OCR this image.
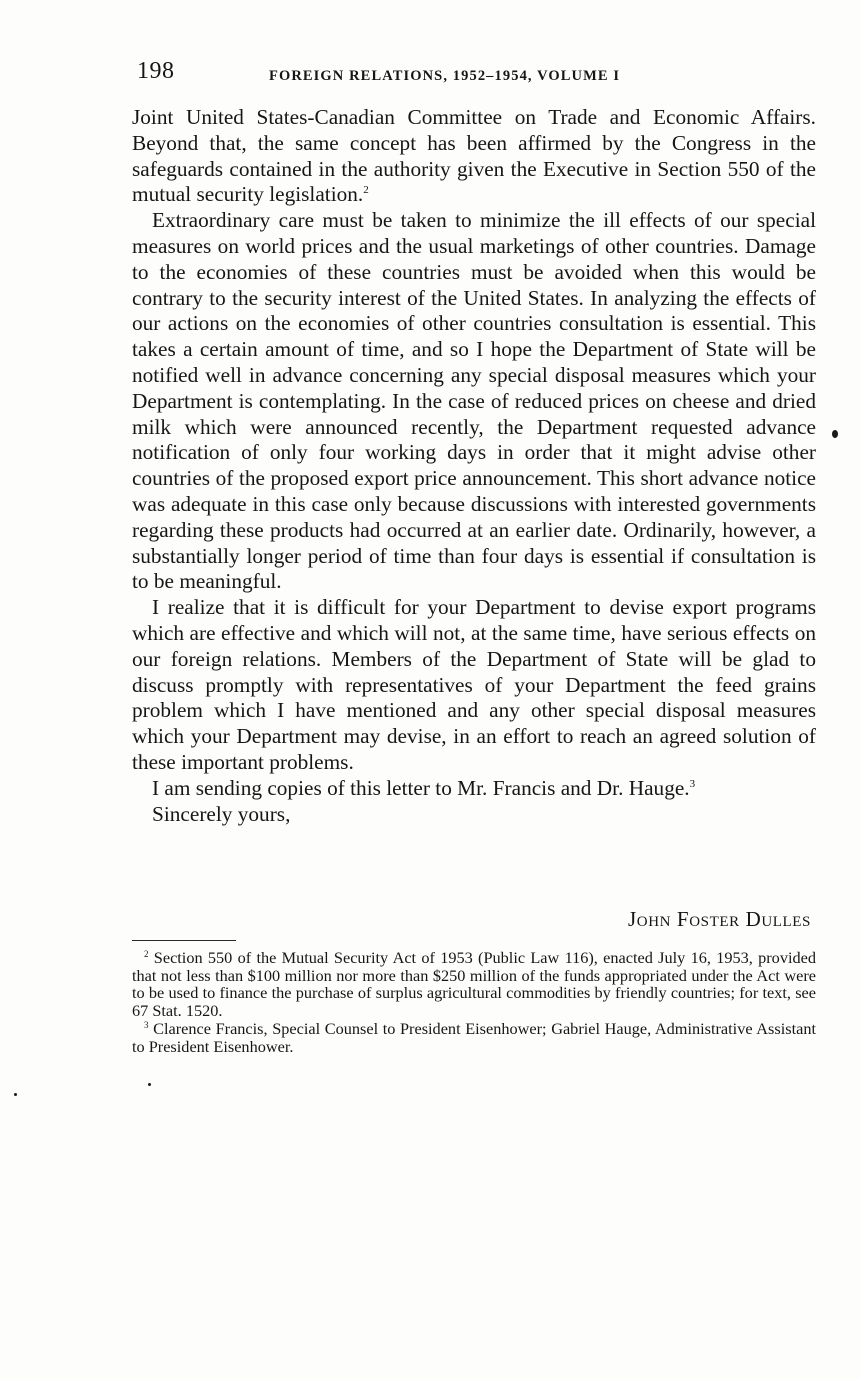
198	FOREIGN RELATIONS, 1952–1954, VOLUME I

Joint United States-Canadian Committee on Trade and Economic Affairs. Beyond that, the same concept has been affirmed by the Congress in the safeguards contained in the authority given the Executive in Section 550 of the mutual security legislation.$^2$

Extraordinary care must be taken to minimize the ill effects of our special measures on world prices and the usual marketings of other countries. Damage to the economies of these countries must be avoided when this would be contrary to the security interest of the United States. In analyzing the effects of our actions on the economies of other countries consultation is essential. This takes a certain amount of time, and so I hope the Department of State will be notified well in advance concerning any special disposal measures which your Department is contemplating. In the case of reduced prices on cheese and dried milk which were announced recently, the Department requested advance notification of only four working days in order that it might advise other countries of the proposed export price announcement. This short advance notice was adequate in this case only because discussions with interested governments regarding these products had occurred at an earlier date. Ordinarily, however, a substantially longer period of time than four days is essential if consultation is to be meaningful.

I realize that it is difficult for your Department to devise export programs which are effective and which will not, at the same time, have serious effects on our foreign relations. Members of the Department of State will be glad to discuss promptly with representatives of your Department the feed grains problem which I have mentioned and any other special disposal measures which your Department may devise, in an effort to reach an agreed solution of these important problems.

I am sending copies of this letter to Mr. Francis and Dr. Hauge.$^3$

Sincerely yours,

John Foster Dulles

$^2$ Section 550 of the Mutual Security Act of 1953 (Public Law 116), enacted July 16, 1953, provided that not less than $100 million nor more than $250 million of the funds appropriated under the Act were to be used to finance the purchase of surplus agricultural commodities by friendly countries; for text, see 67 Stat. 1520.

$^3$ Clarence Francis, Special Counsel to President Eisenhower; Gabriel Hauge, Administrative Assistant to President Eisenhower.
